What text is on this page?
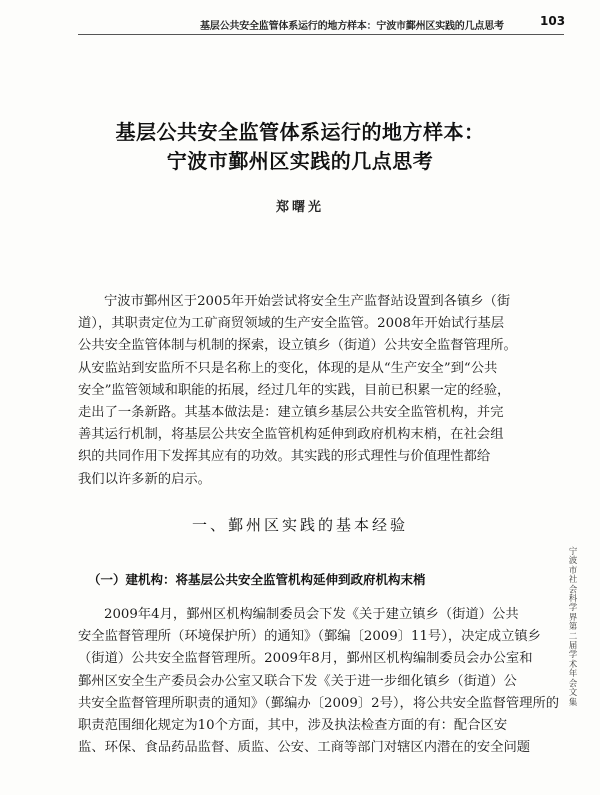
基层公共安全监管体系运行的地方样本：宁波市鄞州区实践的几点思考	103
基层公共安全监管体系运行的地方样本：
宁波市鄞州区实践的几点思考
郑曙光
宁波市鄞州区于2005年开始尝试将安全生产监督站设置到各镇乡（街
道），其职责定位为工矿商贸领域的生产安全监管。2008年开始试行基层
公共安全监管体制与机制的探索，设立镇乡（街道）公共安全监督管理所。
从安监站到安监所不只是名称上的变化，体现的是从“生产安全”到“公共
安全”监管领域和职能的拓展，经过几年的实践，目前已积累一定的经验，
走出了一条新路。其基本做法是：建立镇乡基层公共安全监管机构，并完
善其运行机制，将基层公共安全监管机构延伸到政府机构末梢，在社会组
织的共同作用下发挥其应有的功效。其实践的形式理性与价值理性都给
我们以许多新的启示。
一、鄞州区实践的基本经验
（一）建机构：将基层公共安全监管机构延伸到政府机构末梢
2009年4月，鄞州区机构编制委员会下发《关于建立镇乡（街道）公共
安全监督管理所（环境保护所）的通知》（鄞编〔2009〕11号），决定成立镇乡
（街道）公共安全监督管理所。2009年8月，鄞州区机构编制委员会办公室和
鄞州区安全生产委员会办公室又联合下发《关于进一步细化镇乡（街道）公
共安全监督管理所职责的通知》（鄞编办〔2009〕2号），将公共安全监督管理所的
职责范围细化规定为10个方面，其中，涉及执法检查方面的有：配合区安
监、环保、食品药品监督、质监、公安、工商等部门对辖区内潜在的安全问题
宁
波
市
社
会
科
学
界
第
二
届
学
术
年
会
文
集
